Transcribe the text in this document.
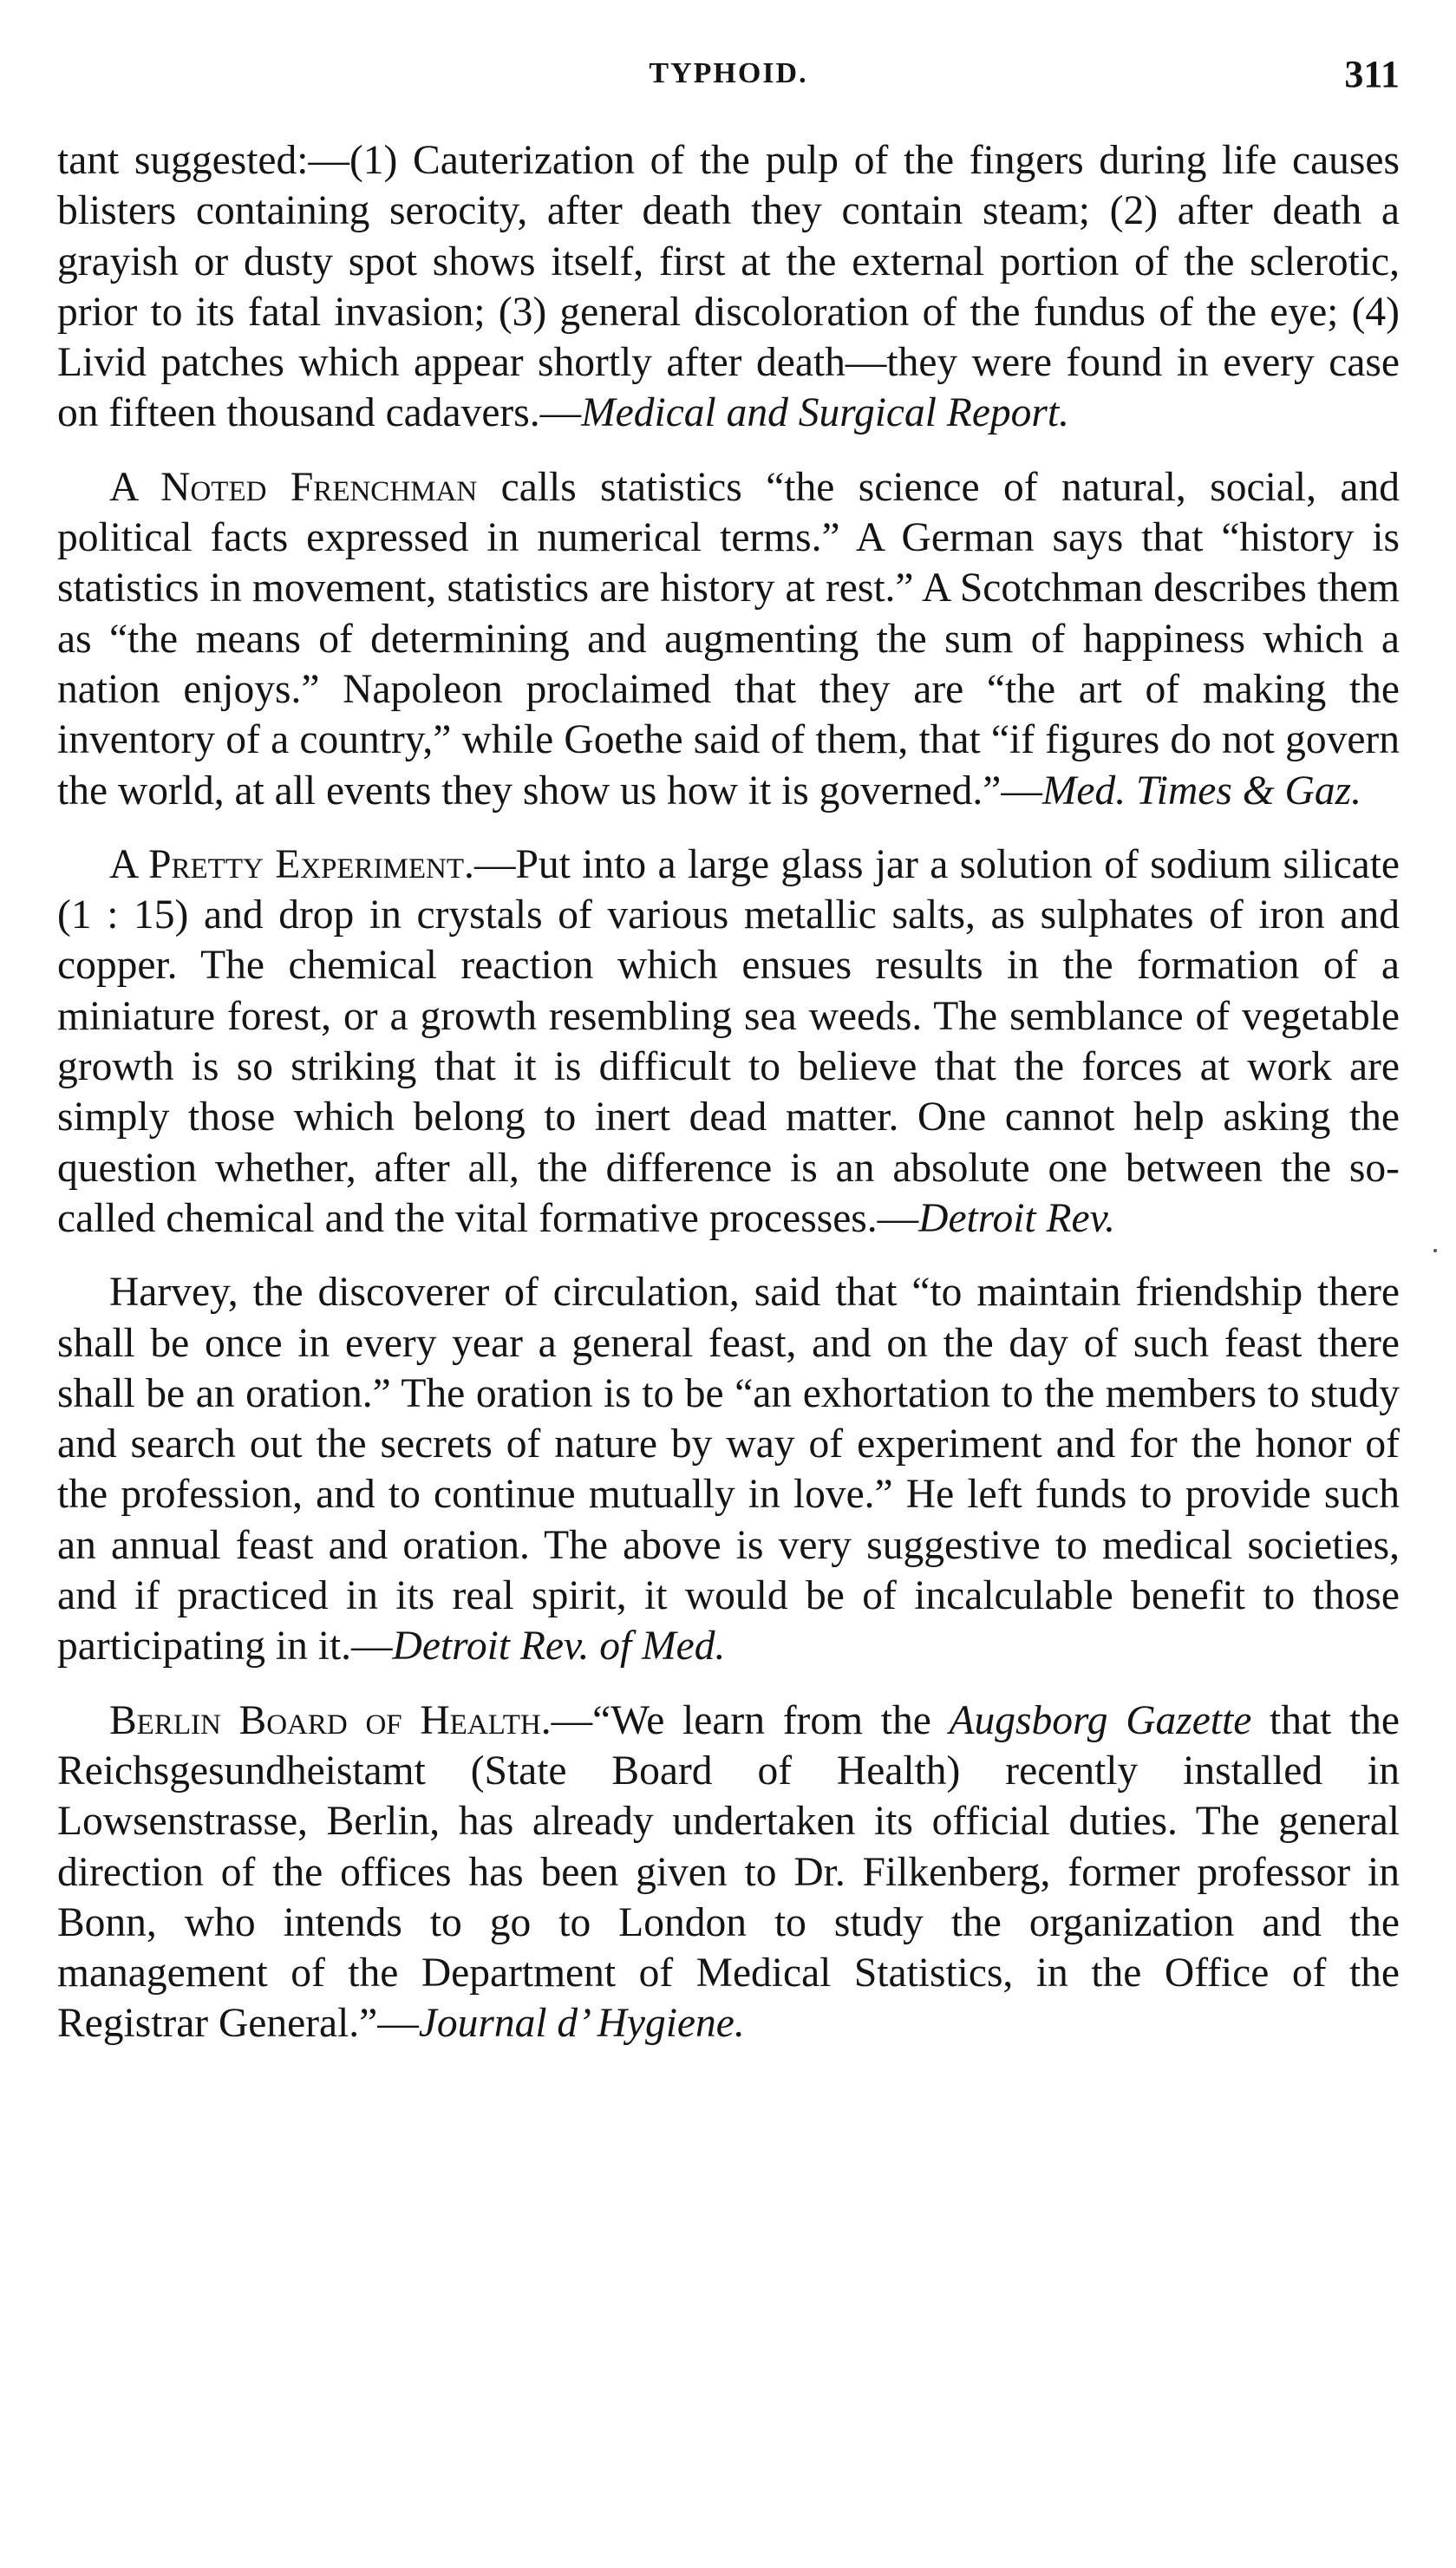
TYPHOID.	311

tant suggested:—(1) Cauterization of the pulp of the fingers during life causes blisters containing serocity, after death they contain steam; (2) after death a grayish or dusty spot shows itself, first at the external portion of the sclerotic, prior to its fatal invasion; (3) general discoloration of the fundus of the eye; (4) Livid patches which appear shortly after death—they were found in every case on fifteen thousand cadavers.—Medical and Surgical Report.

A Noted Frenchman calls statistics “the science of natural, social, and political facts expressed in numerical terms.” A German says that “history is statistics in movement, statistics are history at rest.” A Scotchman describes them as “the means of determining and augmenting the sum of happiness which a nation enjoys.” Napoleon proclaimed that they are “the art of making the inventory of a country,” while Goethe said of them, that “if figures do not govern the world, at all events they show us how it is governed.”—Med. Times & Gaz.

A Pretty Experiment.—Put into a large glass jar a solution of sodium silicate (1 : 15) and drop in crystals of various metallic salts, as sulphates of iron and copper. The chemical reaction which ensues results in the formation of a miniature forest, or a growth resembling sea weeds. The semblance of vegetable growth is so striking that it is difficult to believe that the forces at work are simply those which belong to inert dead matter. One cannot help asking the question whether, after all, the difference is an absolute one between the so-called chemical and the vital formative processes.—Detroit Rev.

Harvey, the discoverer of circulation, said that “to maintain friendship there shall be once in every year a general feast, and on the day of such feast there shall be an oration.” The oration is to be “an exhortation to the members to study and search out the secrets of nature by way of experiment and for the honor of the profession, and to continue mutually in love.” He left funds to provide such an annual feast and oration. The above is very suggestive to medical societies, and if practiced in its real spirit, it would be of incalculable benefit to those participating in it.—Detroit Rev. of Med.

Berlin Board of Health.—“We learn from the Augsborg Gazette that the Reichsgesundheistamt (State Board of Health) recently installed in Lowsenstrasse, Berlin, has already undertaken its official duties. The general direction of the offices has been given to Dr. Filkenberg, former professor in Bonn, who intends to go to London to study the organization and the management of the Department of Medical Statistics, in the Office of the Registrar General.”—Journal d’ Hygiene.
